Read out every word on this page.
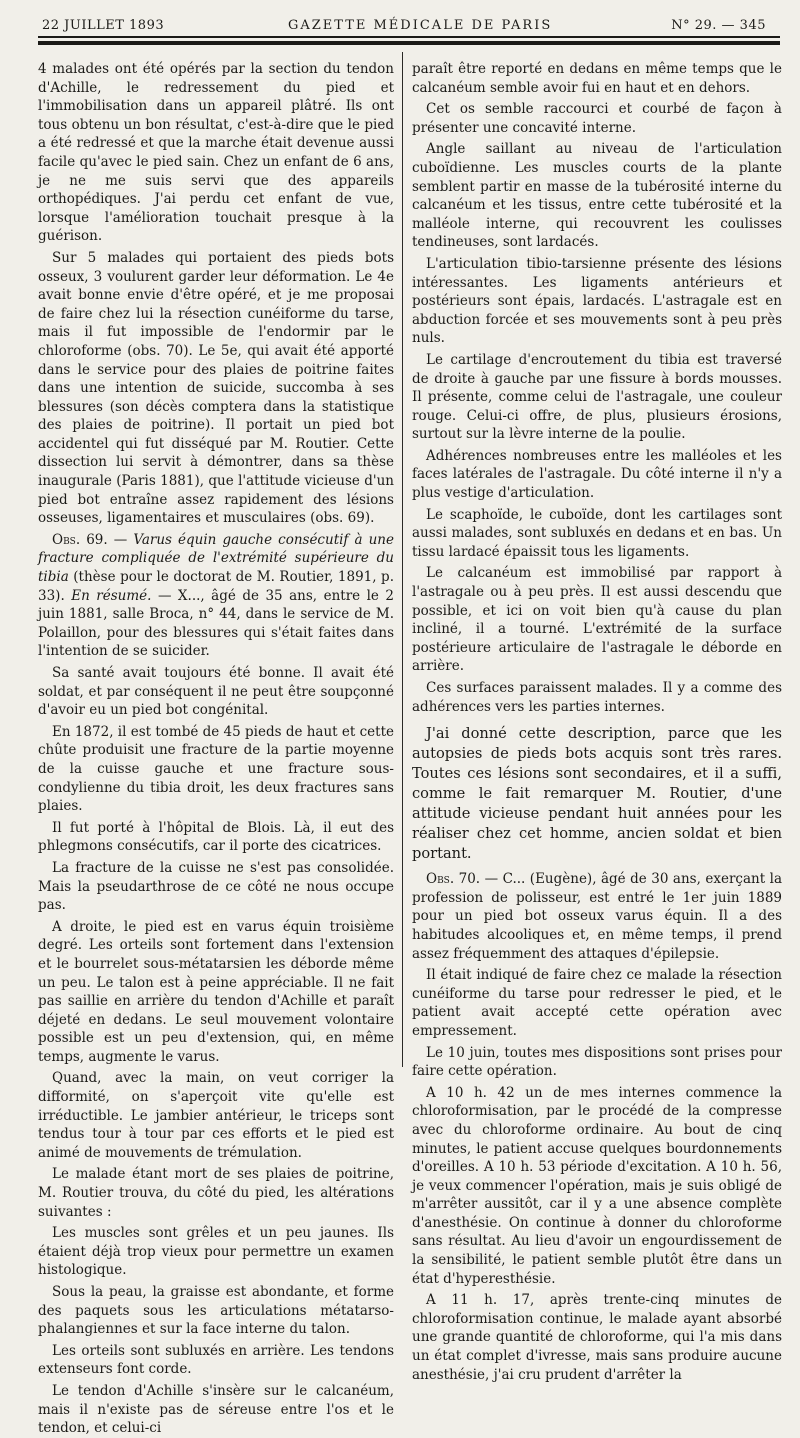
22 JUILLET 1893	GAZETTE MÉDICALE DE PARIS	N° 29. — 345

4 malades ont été opérés par la section du tendon d'Achille, le redressement du pied et l'immobilisation dans un appareil plâtré. Ils ont tous obtenu un bon résultat, c'est-à-dire que le pied a été redressé et que la marche était devenue aussi facile qu'avec le pied sain. Chez un enfant de 6 ans, je ne me suis servi que des appareils orthopédiques. J'ai perdu cet enfant de vue, lorsque l'amélioration touchait presque à la guérison.

Sur 5 malades qui portaient des pieds bots osseux, 3 voulurent garder leur déformation. Le 4e avait bonne envie d'être opéré, et je me proposai de faire chez lui la résection cunéiforme du tarse, mais il fut impossible de l'endormir par le chloroforme (obs. 70). Le 5e, qui avait été apporté dans le service pour des plaies de poitrine faites dans une intention de suicide, succomba à ses blessures (son décès comptera dans la statistique des plaies de poitrine). Il portait un pied bot accidentel qui fut disséqué par M. Routier. Cette dissection lui servit à démontrer, dans sa thèse inaugurale (Paris 1881), que l'attitude vicieuse d'un pied bot entraîne assez rapidement des lésions osseuses, ligamentaires et musculaires (obs. 69).

Obs. 69. — Varus équin gauche consécutif à une fracture compliquée de l'extrémité supérieure du tibia (thèse pour le doctorat de M. Routier, 1891, p. 33). En résumé. — X..., âgé de 35 ans, entre le 2 juin 1881, salle Broca, n° 44, dans le service de M. Polaillon, pour des blessures qui s'était faites dans l'intention de se suicider.

Sa santé avait toujours été bonne. Il avait été soldat, et par conséquent il ne peut être soupçonné d'avoir eu un pied bot congénital.

En 1872, il est tombé de 45 pieds de haut et cette chûte produisit une fracture de la partie moyenne de la cuisse gauche et une fracture sous-condylienne du tibia droit, les deux fractures sans plaies.

Il fut porté à l'hôpital de Blois. Là, il eut des phlegmons consécutifs, car il porte des cicatrices.

La fracture de la cuisse ne s'est pas consolidée. Mais la pseudarthrose de ce côté ne nous occupe pas.

A droite, le pied est en varus équin troisième degré. Les orteils sont fortement dans l'extension et le bourrelet sous-métatarsien les déborde même un peu. Le talon est à peine appréciable. Il ne fait pas saillie en arrière du tendon d'Achille et paraît déjeté en dedans. Le seul mouvement volontaire possible est un peu d'extension, qui, en même temps, augmente le varus.

Quand, avec la main, on veut corriger la difformité, on s'aperçoit vite qu'elle est irréductible. Le jambier antérieur, le triceps sont tendus tour à tour par ces efforts et le pied est animé de mouvements de trémulation.

Le malade étant mort de ses plaies de poitrine, M. Routier trouva, du côté du pied, les altérations suivantes :

Les muscles sont grêles et un peu jaunes. Ils étaient déjà trop vieux pour permettre un examen histologique.

Sous la peau, la graisse est abondante, et forme des paquets sous les articulations métatarso-phalangiennes et sur la face interne du talon.

Les orteils sont subluxés en arrière. Les tendons extenseurs font corde.

Le tendon d'Achille s'insère sur le calcanéum, mais il n'existe pas de séreuse entre l'os et le tendon, et celui-ci

paraît être reporté en dedans en même temps que le calcanéum semble avoir fui en haut et en dehors.

Cet os semble raccourci et courbé de façon à présenter une concavité interne.

Angle saillant au niveau de l'articulation cuboïdienne. Les muscles courts de la plante semblent partir en masse de la tubérosité interne du calcanéum et les tissus, entre cette tubérosité et la malléole interne, qui recouvrent les coulisses tendineuses, sont lardacés.

L'articulation tibio-tarsienne présente des lésions intéressantes. Les ligaments antérieurs et postérieurs sont épais, lardacés. L'astragale est en abduction forcée et ses mouvements sont à peu près nuls.

Le cartilage d'encroutement du tibia est traversé de droite à gauche par une fissure à bords mousses. Il présente, comme celui de l'astragale, une couleur rouge. Celui-ci offre, de plus, plusieurs érosions, surtout sur la lèvre interne de la poulie.

Adhérences nombreuses entre les malléoles et les faces latérales de l'astragale. Du côté interne il n'y a plus vestige d'articulation.

Le scaphoïde, le cuboïde, dont les cartilages sont aussi malades, sont subluxés en dedans et en bas. Un tissu lardacé épaissit tous les ligaments.

Le calcanéum est immobilisé par rapport à l'astragale ou à peu près. Il est aussi descendu que possible, et ici on voit bien qu'à cause du plan incliné, il a tourné. L'extrémité de la surface postérieure articulaire de l'astragale le déborde en arrière.

Ces surfaces paraissent malades. Il y a comme des adhérences vers les parties internes.

J'ai donné cette description, parce que les autopsies de pieds bots acquis sont très rares. Toutes ces lésions sont secondaires, et il a suffi, comme le fait remarquer M. Routier, d'une attitude vicieuse pendant huit années pour les réaliser chez cet homme, ancien soldat et bien portant.

Obs. 70. — C... (Eugène), âgé de 30 ans, exerçant la profession de polisseur, est entré le 1er juin 1889 pour un pied bot osseux varus équin. Il a des habitudes alcooliques et, en même temps, il prend assez fréquemment des attaques d'épilepsie.

Il était indiqué de faire chez ce malade la résection cunéiforme du tarse pour redresser le pied, et le patient avait accepté cette opération avec empressement.

Le 10 juin, toutes mes dispositions sont prises pour faire cette opération.

A 10 h. 42 un de mes internes commence la chloroformisation, par le procédé de la compresse avec du chloroforme ordinaire. Au bout de cinq minutes, le patient accuse quelques bourdonnements d'oreilles. A 10 h. 53 période d'excitation. A 10 h. 56, je veux commencer l'opération, mais je suis obligé de m'arrêter aussitôt, car il y a une absence complète d'anesthésie. On continue à donner du chloroforme sans résultat. Au lieu d'avoir un engourdissement de la sensibilité, le patient semble plutôt être dans un état d'hyperesthésie.

A 11 h. 17, après trente-cinq minutes de chloroformisation continue, le malade ayant absorbé une grande quantité de chloroforme, qui l'a mis dans un état complet d'ivresse, mais sans produire aucune anesthésie, j'ai cru prudent d'arrêter la
